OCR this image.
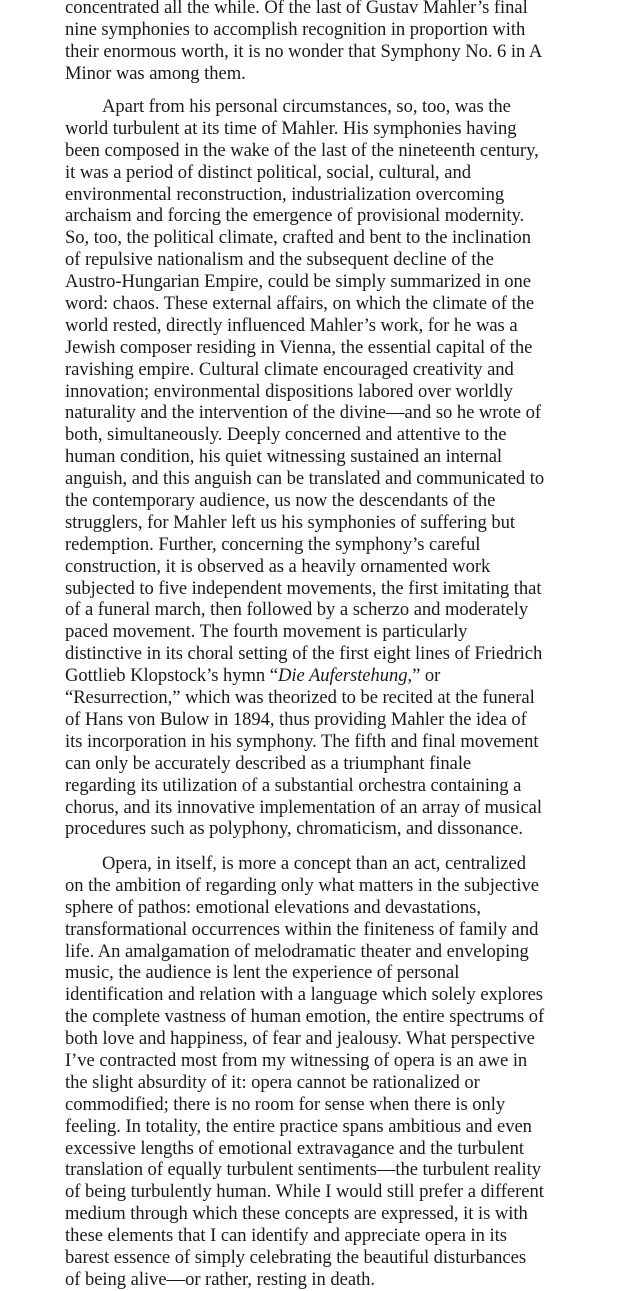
concentrated all the while. Of the last of Gustav Mahler’s final
nine symphonies to accomplish recognition in proportion with
their enormous worth, it is no wonder that Symphony No. 6 in A
Minor was among them.
Apart from his personal circumstances, so, too, was the
world turbulent at its time of Mahler. His symphonies having
been composed in the wake of the last of the nineteenth century,
it was a period of distinct political, social, cultural, and
environmental reconstruction, industrialization overcoming
archaism and forcing the emergence of provisional modernity.
So, too, the political climate, crafted and bent to the inclination
of repulsive nationalism and the subsequent decline of the
Austro-Hungarian Empire, could be simply summarized in one
word: chaos. These external affairs, on which the climate of the
world rested, directly influenced Mahler’s work, for he was a
Jewish composer residing in Vienna, the essential capital of the
ravishing empire. Cultural climate encouraged creativity and
innovation; environmental dispositions labored over worldly
naturality and the intervention of the divine—and so he wrote of
both, simultaneously. Deeply concerned and attentive to the
human condition, his quiet witnessing sustained an internal
anguish, and this anguish can be translated and communicated to
the contemporary audience, us now the descendants of the
strugglers, for Mahler left us his symphonies of suffering but
redemption. Further, concerning the symphony’s careful
construction, it is observed as a heavily ornamented work
subjected to five independent movements, the first imitating that
of a funeral march, then followed by a scherzo and moderately
paced movement. The fourth movement is particularly
distinctive in its choral setting of the first eight lines of Friedrich
Gottlieb Klopstock’s hymn “Die Auferstehung,” or
“Resurrection,” which was theorized to be recited at the funeral
of Hans von Bulow in 1894, thus providing Mahler the idea of
its incorporation in his symphony. The fifth and final movement
can only be accurately described as a triumphant finale
regarding its utilization of a substantial orchestra containing a
chorus, and its innovative implementation of an array of musical
procedures such as polyphony, chromaticism, and dissonance.
Opera, in itself, is more a concept than an act, centralized
on the ambition of regarding only what matters in the subjective
sphere of pathos: emotional elevations and devastations,
transformational occurrences within the finiteness of family and
life. An amalgamation of melodramatic theater and enveloping
music, the audience is lent the experience of personal
identification and relation with a language which solely explores
the complete vastness of human emotion, the entire spectrums of
both love and happiness, of fear and jealousy. What perspective
I’ve contracted most from my witnessing of opera is an awe in
the slight absurdity of it: opera cannot be rationalized or
commodified; there is no room for sense when there is only
feeling. In totality, the entire practice spans ambitious and even
excessive lengths of emotional extravagance and the turbulent
translation of equally turbulent sentiments—the turbulent reality
of being turbulently human. While I would still prefer a different
medium through which these concepts are expressed, it is with
these elements that I can identify and appreciate opera in its
barest essence of simply celebrating the beautiful disturbances
of being alive—or rather, resting in death.
